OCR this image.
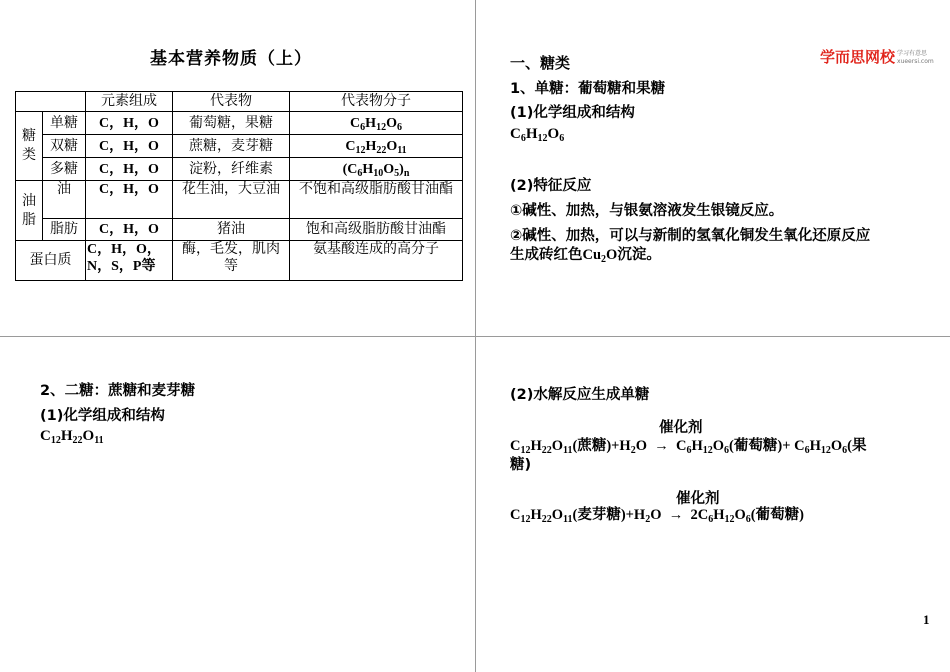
基本营养物质（上）
		元素组成	代表物	代表物分子

糖类	单糖	C，H，O	葡萄糖，果糖	$C_6H_{12}O_6$
	双糖	C，H，O	蔗糖，麦芽糖	$C_{12}H_{22}O_{11}$
	多糖	C，H，O	淀粉，纤维素	$(C_6H_{10}O_5)_n$

油脂	油	C，H，O	花生油，大豆油	不饱和高级脂肪酸甘油酯

	脂肪	C，H，O	猪油	饱和高级脂肪酸甘油酯
蛋白质		C，H，O，N，S，P等	酶，毛发，肌肉等	氨基酸连成的高分子
学而思网校 学习有意思
xueersi.com
一、糖类
1、单糖：葡萄糖和果糖
(1)化学组成和结构
$C_6H_{12}O_6$
(2)特征反应
①碱性、加热，与银氨溶液发生银镜反应。
②碱性、加热，可以与新制的氢氧化铜发生氧化还原反应
生成砖红色$Cu_2O$沉淀。
2、二糖：蔗糖和麦芽糖
(1)化学组成和结构
$C_{12}H_{22}O_{11}$
(2)水解反应生成单糖
催化剂
$C_{12}H_{22}O_{11}$(蔗糖)$+H_2O \to C_6H_{12}O_6$(葡萄糖)+ $C_6H_{12}O_6$(果
糖)
催化剂
$C_{12}H_{22}O_{11}$(麦芽糖)$+H_2O \to 2C_6H_{12}O_6$(葡萄糖)
1
